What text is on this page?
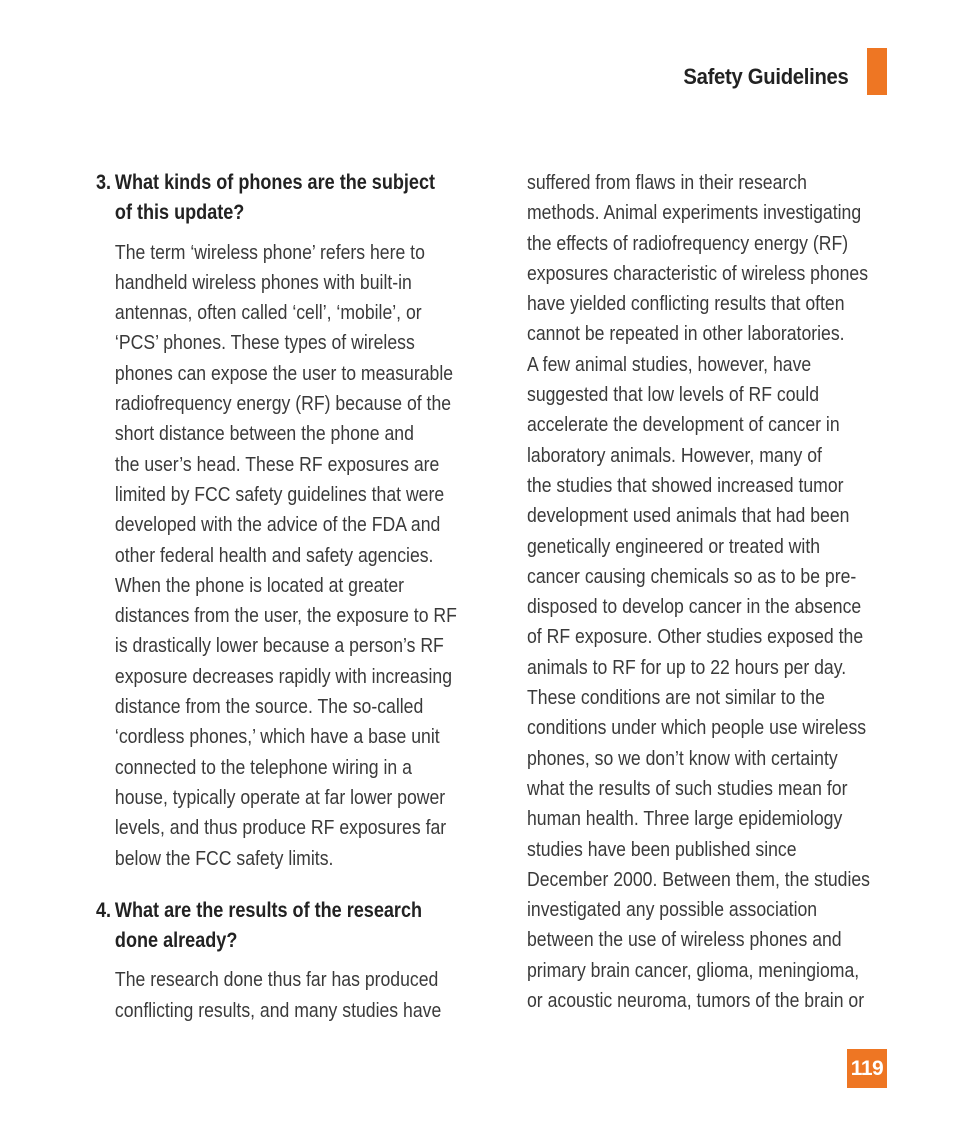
Safety Guidelines
3. What kinds of phones are the subject
of this update?
The term ‘wireless phone’ refers here to
handheld wireless phones with built-in
antennas, often called ‘cell’, ‘mobile’, or
‘PCS’ phones. These types of wireless
phones can expose the user to measurable
radiofrequency energy (RF) because of the
short distance between the phone and
the user’s head. These RF exposures are
limited by FCC safety guidelines that were
developed with the advice of the FDA and
other federal health and safety agencies.
When the phone is located at greater
distances from the user, the exposure to RF
is drastically lower because a person’s RF
exposure decreases rapidly with increasing
distance from the source. The so-called
‘cordless phones,’ which have a base unit
connected to the telephone wiring in a
house, typically operate at far lower power
levels, and thus produce RF exposures far
below the FCC safety limits.
4. What are the results of the research
done already?
The research done thus far has produced
conflicting results, and many studies have
suffered from flaws in their research
methods. Animal experiments investigating
the effects of radiofrequency energy (RF)
exposures characteristic of wireless phones
have yielded conflicting results that often
cannot be repeated in other laboratories.
A few animal studies, however, have
suggested that low levels of RF could
accelerate the development of cancer in
laboratory animals. However, many of
the studies that showed increased tumor
development used animals that had been
genetically engineered or treated with
cancer causing chemicals so as to be pre-
disposed to develop cancer in the absence
of RF exposure. Other studies exposed the
animals to RF for up to 22 hours per day.
These conditions are not similar to the
conditions under which people use wireless
phones, so we don’t know with certainty
what the results of such studies mean for
human health. Three large epidemiology
studies have been published since
December 2000. Between them, the studies
investigated any possible association
between the use of wireless phones and
primary brain cancer, glioma, meningioma,
or acoustic neuroma, tumors of the brain or
119
